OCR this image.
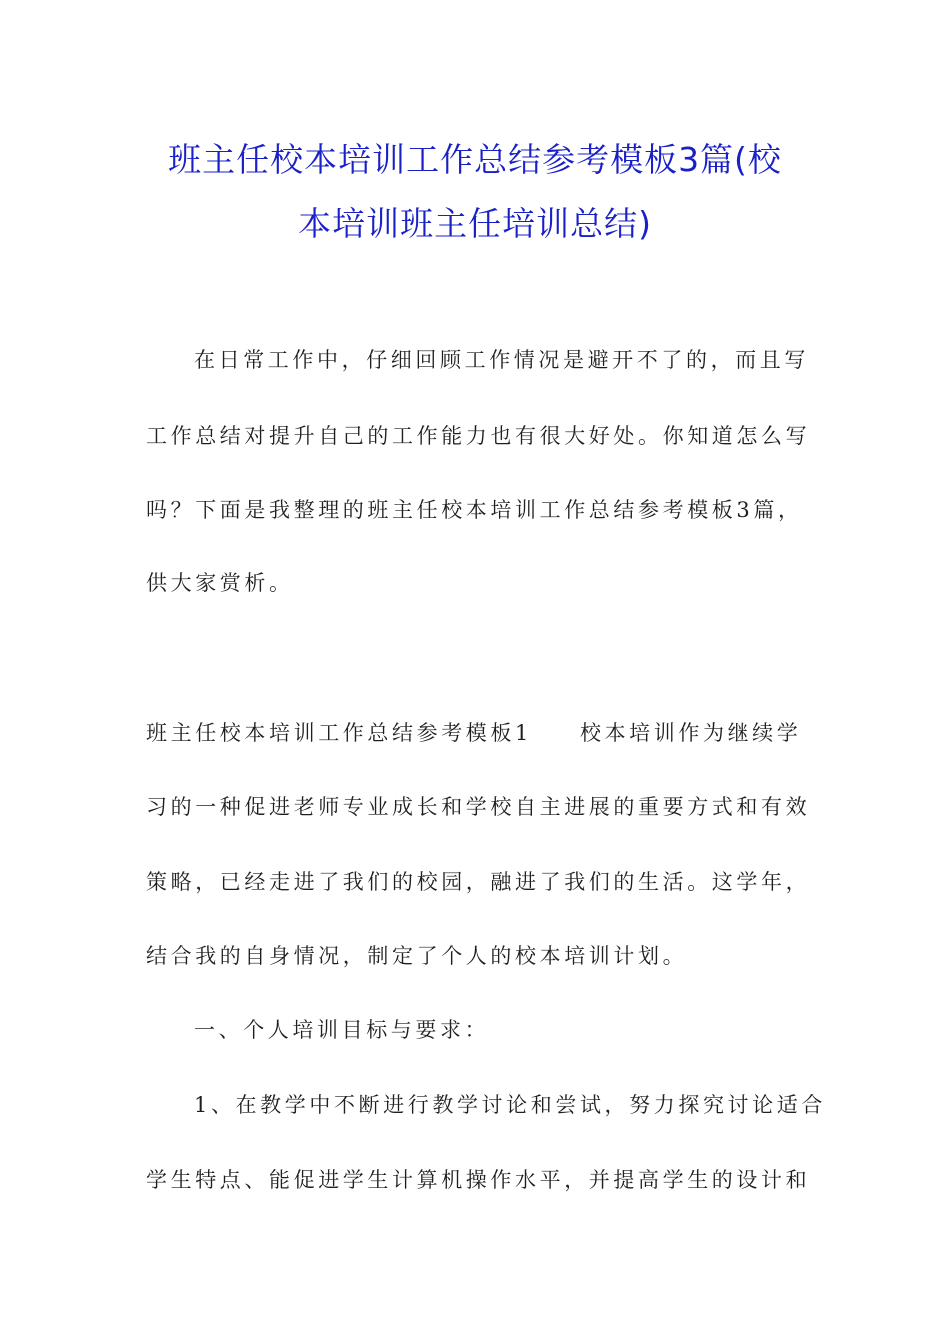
班主任校本培训工作总结参考模板3篇(校
本培训班主任培训总结)
在日常工作中，仔细回顾工作情况是避开不了的，而且写
工作总结对提升自己的工作能力也有很大好处。你知道怎么写
吗？下面是我整理的班主任校本培训工作总结参考模板3篇，
供大家赏析。
班主任校本培训工作总结参考模板1 校本培训作为继续学
习的一种促进老师专业成长和学校自主进展的重要方式和有效
策略，已经走进了我们的校园，融进了我们的生活。这学年，
结合我的自身情况，制定了个人的校本培训计划。
一、个人培训目标与要求：
1、在教学中不断进行教学讨论和尝试，努力探究讨论适合
学生特点、能促进学生计算机操作水平，并提高学生的设计和
